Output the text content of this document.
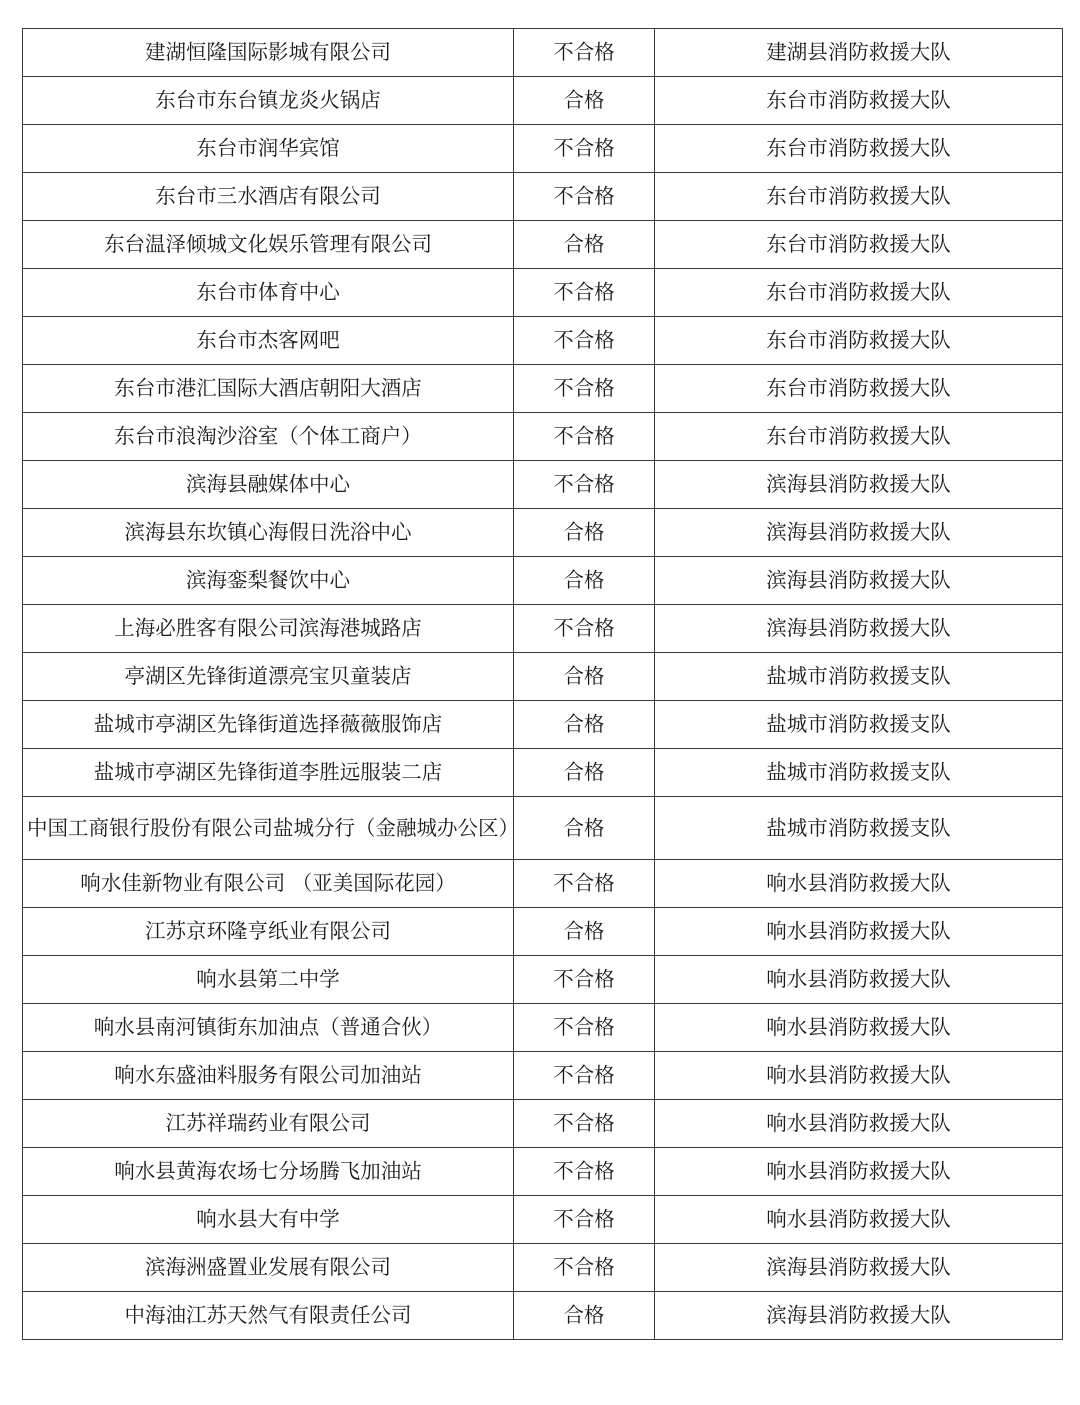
建湖恒隆国际影城有限公司	不合格	建湖县消防救援大队
东台市东台镇龙炎火锅店	合格	东台市消防救援大队
东台市润华宾馆	不合格	东台市消防救援大队
东台市三水酒店有限公司	不合格	东台市消防救援大队
东台温泽倾城文化娱乐管理有限公司	合格	东台市消防救援大队
东台市体育中心	不合格	东台市消防救援大队
东台市杰客网吧	不合格	东台市消防救援大队
东台市港汇国际大酒店朝阳大酒店	不合格	东台市消防救援大队
东台市浪淘沙浴室（个体工商户）	不合格	东台市消防救援大队
滨海县融媒体中心	不合格	滨海县消防救援大队
滨海县东坎镇心海假日洗浴中心	合格	滨海县消防救援大队
滨海銮梨餐饮中心	合格	滨海县消防救援大队
上海必胜客有限公司滨海港城路店	不合格	滨海县消防救援大队
亭湖区先锋街道漂亮宝贝童装店	合格	盐城市消防救援支队
盐城市亭湖区先锋街道选择薇薇服饰店	合格	盐城市消防救援支队
盐城市亭湖区先锋街道李胜远服装二店	合格	盐城市消防救援支队
中国工商银行股份有限公司盐城分行（金融城办公区）	合格	盐城市消防救援支队
响水佳新物业有限公司 （亚美国际花园）	不合格	响水县消防救援大队
江苏京环隆亨纸业有限公司	合格	响水县消防救援大队
响水县第二中学	不合格	响水县消防救援大队
响水县南河镇街东加油点（普通合伙）	不合格	响水县消防救援大队
响水东盛油料服务有限公司加油站	不合格	响水县消防救援大队
江苏祥瑞药业有限公司	不合格	响水县消防救援大队
响水县黄海农场七分场腾飞加油站	不合格	响水县消防救援大队
响水县大有中学	不合格	响水县消防救援大队
滨海洲盛置业发展有限公司	不合格	滨海县消防救援大队
中海油江苏天然气有限责任公司	合格	滨海县消防救援大队
